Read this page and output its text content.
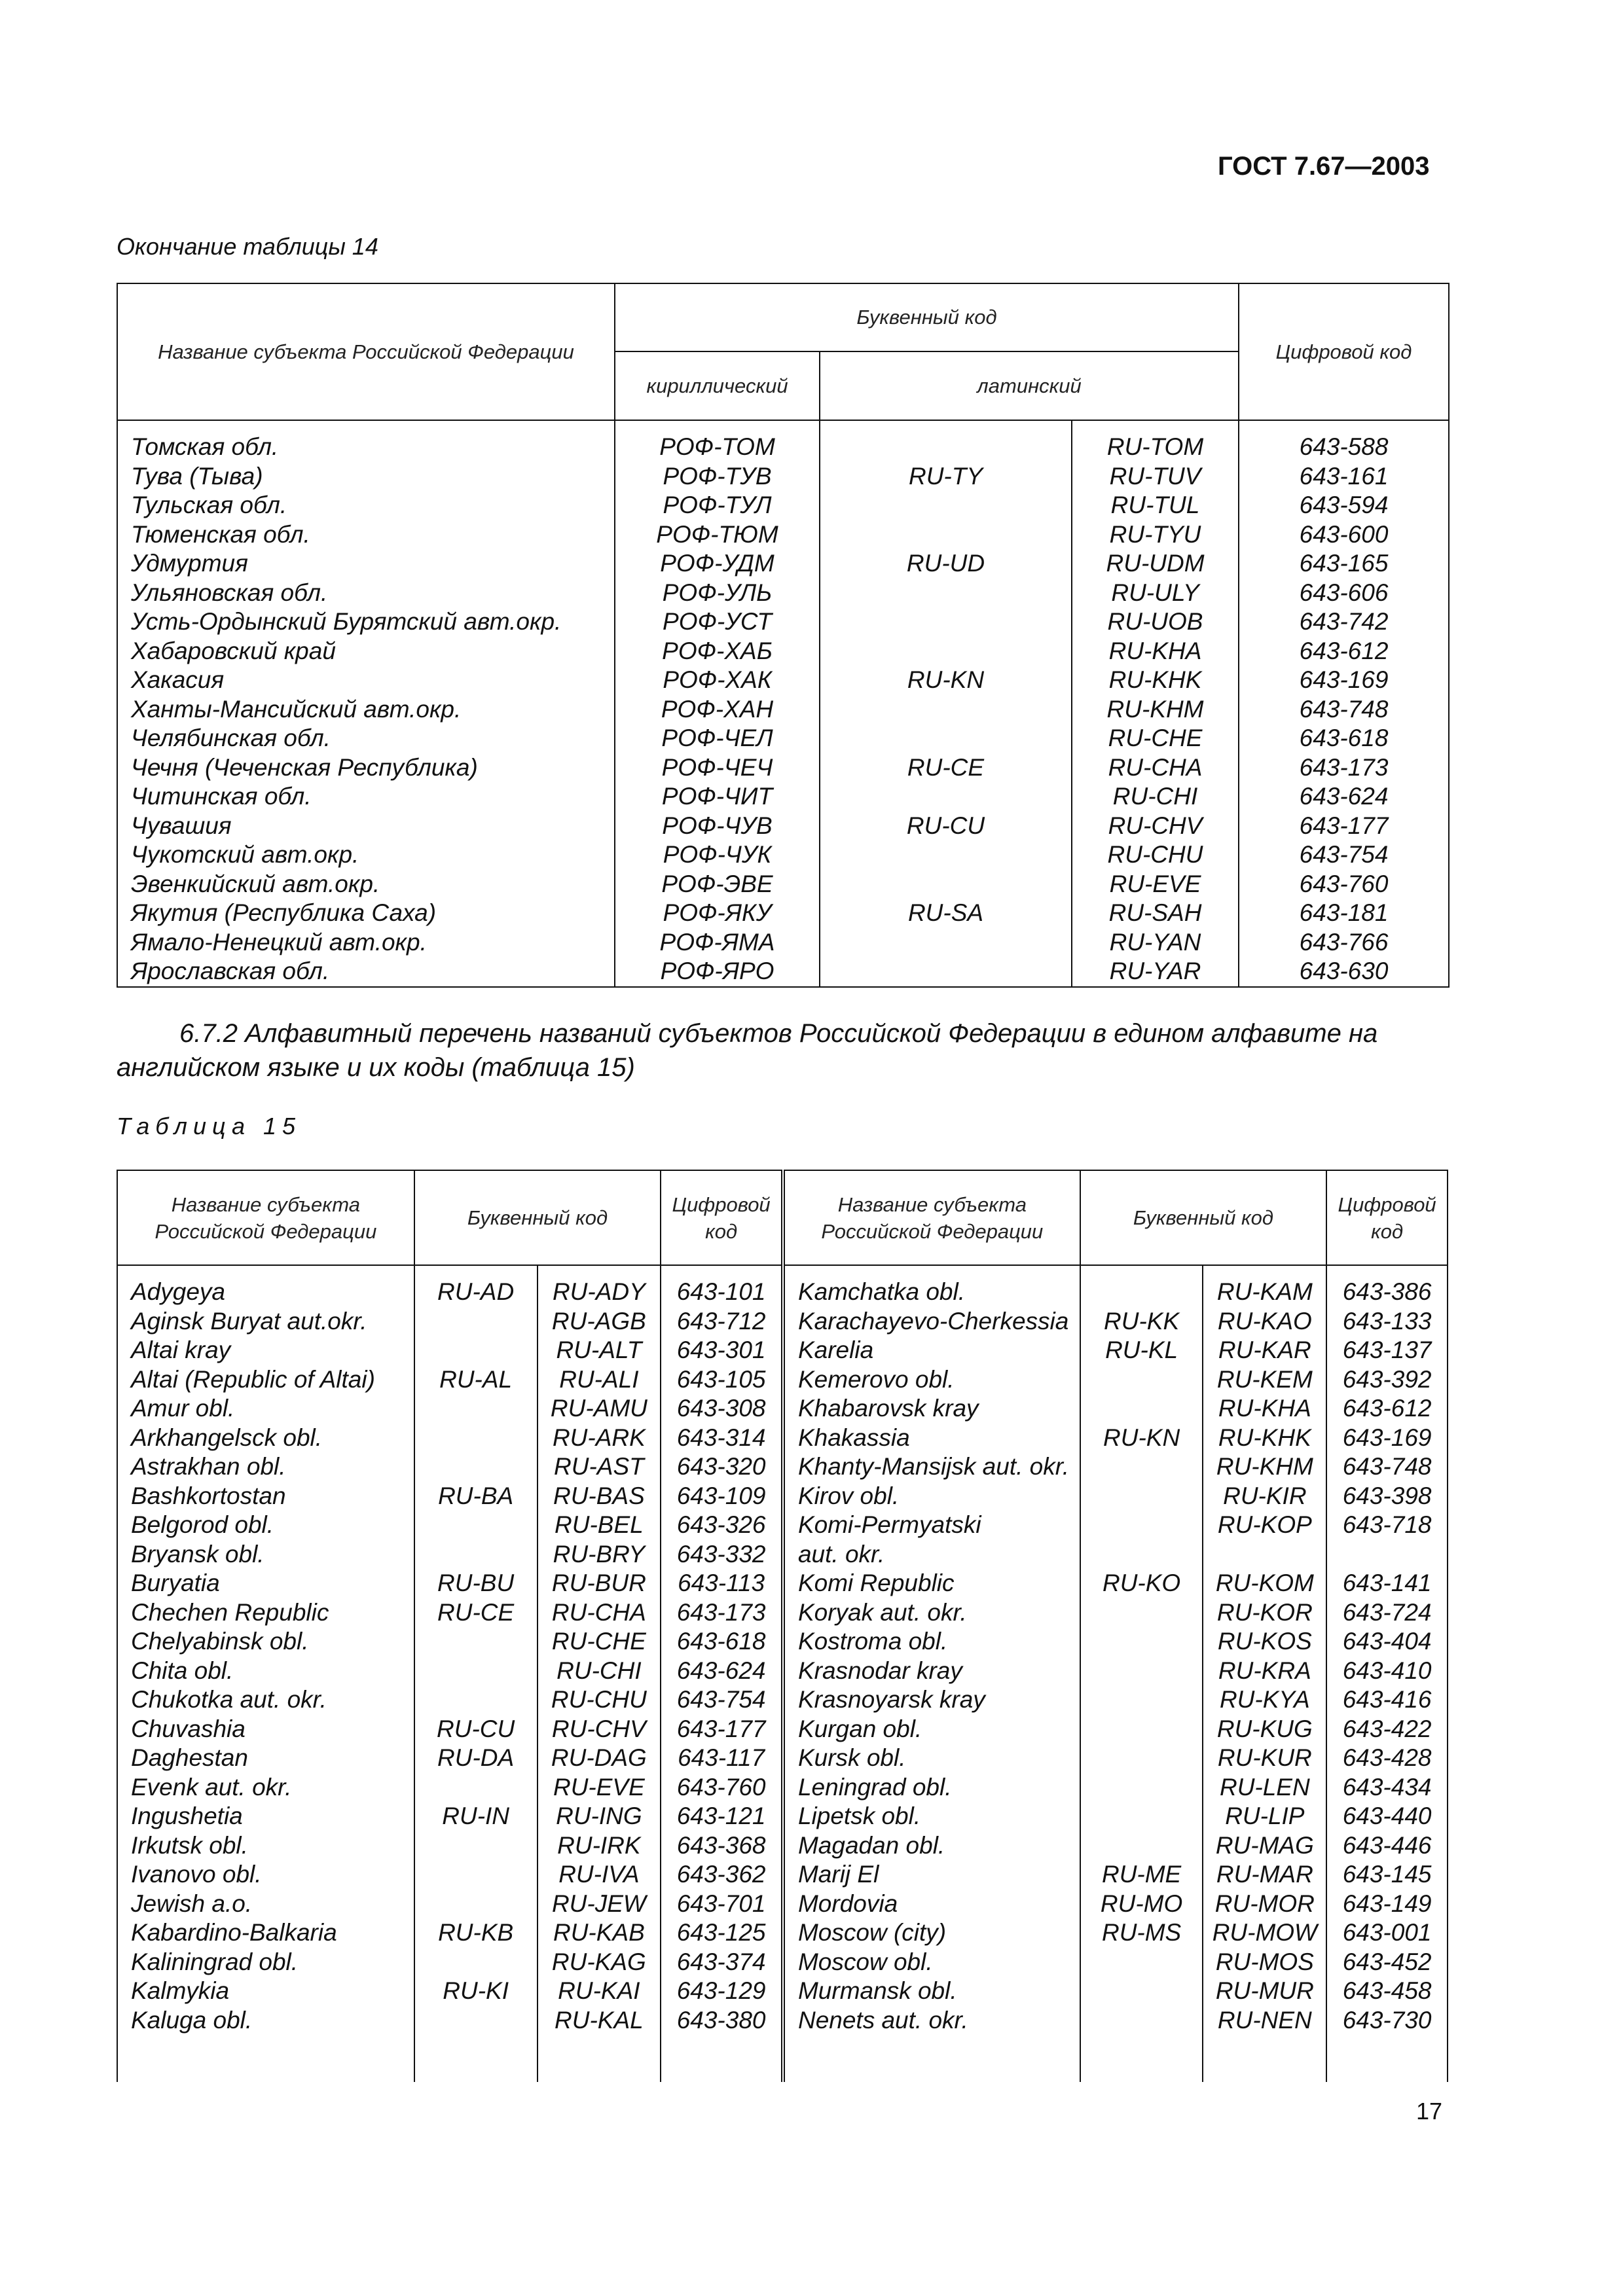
ГОСТ 7.67—2003
Окончание таблицы 14
Название субъекта Российской Федерации	Буквенный код			Цифровой код
	кириллический	латинский		

Томская обл.	РОФ-ТОМ		RU-TOM	643-588
Тува (Тыва)	РОФ-ТУВ	RU-TY	RU-TUV	643-161
Тульская обл.	РОФ-ТУЛ		RU-TUL	643-594
Тюменская обл.	РОФ-ТЮМ		RU-TYU	643-600
Удмуртия	РОФ-УДМ	RU-UD	RU-UDM	643-165
Ульяновская обл.	РОФ-УЛЬ		RU-ULY	643-606
Усть-Ордынский Бурятский авт.окр.	РОФ-УСТ		RU-UOB	643-742
Хабаровский край	РОФ-ХАБ		RU-KHA	643-612
Хакасия	РОФ-ХАК	RU-KN	RU-KHK	643-169
Ханты-Мансийский авт.окр.	РОФ-ХАН		RU-KHM	643-748
Челябинская обл.	РОФ-ЧЕЛ		RU-CHE	643-618
Чечня (Чеченская Республика)	РОФ-ЧЕЧ	RU-CE	RU-CHA	643-173
Читинская обл.	РОФ-ЧИТ		RU-CHI	643-624
Чувашия	РОФ-ЧУВ	RU-CU	RU-CHV	643-177
Чукотский авт.окр.	РОФ-ЧУК		RU-CHU	643-754
Эвенкийский авт.окр.	РОФ-ЭВЕ		RU-EVE	643-760
Якутия (Республика Саха)	РОФ-ЯКУ	RU-SA	RU-SAH	643-181
Ямало-Ненецкий авт.окр.	РОФ-ЯМА		RU-YAN	643-766
Ярославская обл.	РОФ-ЯРО		RU-YAR	643-630
6.7.2 Алфавитный перечень названий субъектов Российской Федерации в едином алфавите на английском языке и их коды (таблица 15)
Таблица 15
Название субъекта Российской Федерации	Буквенный код		Цифровой код	Название субъекта Российской Федерации	Буквенный код		Цифровой код

Adygeya	RU-AD	RU-ADY	643-101	Kamchatka obl.		RU-KAM	643-386
Aginsk Buryat aut.okr.		RU-AGB	643-712	Karachayevo-Cherkessia	RU-KK	RU-KAO	643-133
Altai kray		RU-ALT	643-301	Karelia	RU-KL	RU-KAR	643-137
Altai (Republic of Altai)	RU-AL	RU-ALI	643-105	Kemerovo obl.		RU-KEM	643-392
Amur obl.		RU-AMU	643-308	Khabarovsk kray		RU-KHA	643-612
Arkhangelsck obl.		RU-ARK	643-314	Khakassia	RU-KN	RU-KHK	643-169
Astrakhan obl.		RU-AST	643-320	Khanty-Mansijsk aut. okr.		RU-KHM	643-748
Bashkortostan	RU-BA	RU-BAS	643-109	Kirov obl.		RU-KIR	643-398
Belgorod obl.		RU-BEL	643-326	Komi-Permyatski		RU-KOP	643-718
Bryansk obl.		RU-BRY	643-332	aut. okr.			
Buryatia	RU-BU	RU-BUR	643-113	Komi Republic	RU-KO	RU-KOM	643-141
Chechen Republic	RU-CE	RU-CHA	643-173	Koryak aut. okr.		RU-KOR	643-724
Chelyabinsk obl.		RU-CHE	643-618	Kostroma obl.		RU-KOS	643-404
Chita obl.		RU-CHI	643-624	Krasnodar kray		RU-KRA	643-410
Chukotka aut. okr.		RU-CHU	643-754	Krasnoyarsk kray		RU-KYA	643-416
Chuvashia	RU-CU	RU-CHV	643-177	Kurgan obl.		RU-KUG	643-422
Daghestan	RU-DA	RU-DAG	643-117	Kursk obl.		RU-KUR	643-428
Evenk aut. okr.		RU-EVE	643-760	Leningrad obl.		RU-LEN	643-434
Ingushetia	RU-IN	RU-ING	643-121	Lipetsk obl.		RU-LIP	643-440
Irkutsk obl.		RU-IRK	643-368	Magadan obl.		RU-MAG	643-446
Ivanovo obl.		RU-IVA	643-362	Marij El	RU-ME	RU-MAR	643-145
Jewish a.o.		RU-JEW	643-701	Mordovia	RU-MO	RU-MOR	643-149
Kabardino-Balkaria	RU-KB	RU-KAB	643-125	Moscow (city)	RU-MS	RU-MOW	643-001
Kaliningrad obl.		RU-KAG	643-374	Moscow obl.		RU-MOS	643-452
Kalmykia	RU-KI	RU-KAI	643-129	Murmansk obl.		RU-MUR	643-458
Kaluga obl.		RU-KAL	643-380	Nenets aut. okr.		RU-NEN	643-730

17
